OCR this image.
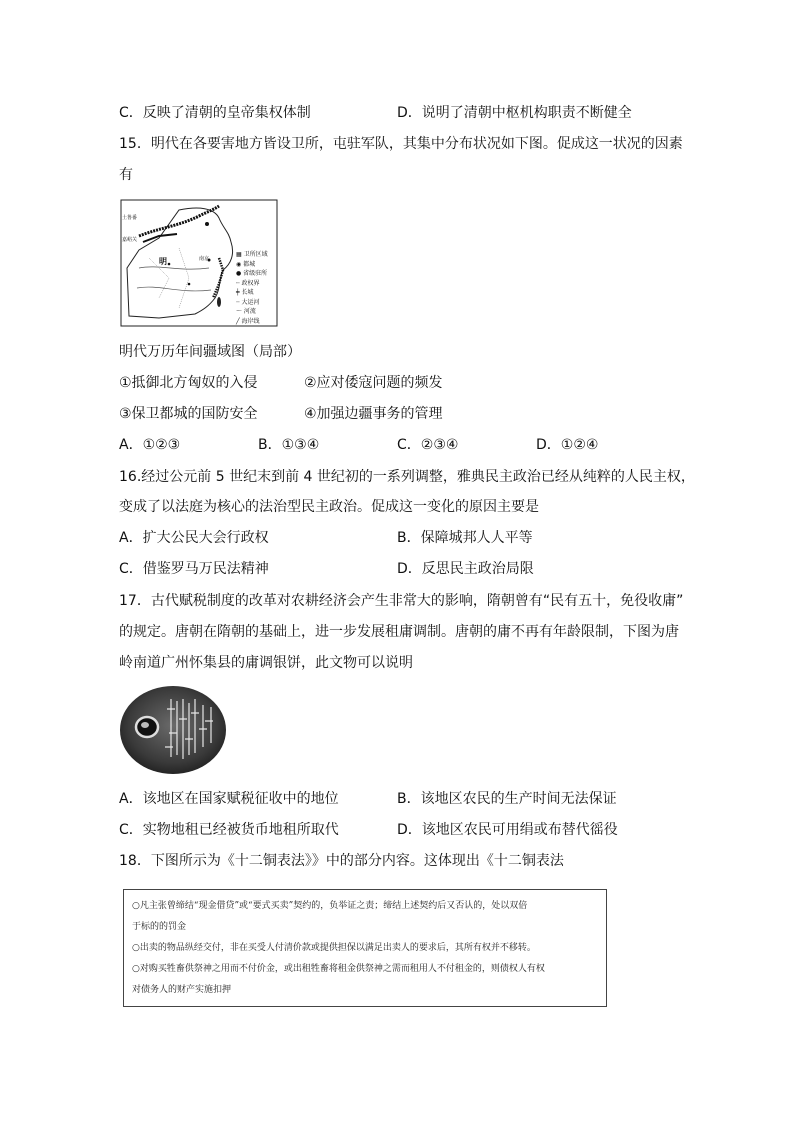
C．反映了清朝的皇帝集权体制	D．说明了清朝中枢机构职责不断健全
15．明代在各要害地方皆设卫所，屯驻军队，其集中分布状况如下图。促成这一状况的因素
有
土鲁番
嘉峪关
明	南京
▦ 卫所区域
◉ 都城
● 省级驻所
┄ 政权界
╪ 长城
┈ 大运河
～ 河流
╱ 海岸线
明代万历年间疆域图（局部）
①抵御北方匈奴的入侵	②应对倭寇问题的频发
③保卫都城的国防安全	④加强边疆事务的管理
A．①②③	B．①③④	C．②③④	D．①②④
16.经过公元前 5 世纪末到前 4 世纪初的一系列调整，雅典民主政治已经从纯粹的人民主权，
变成了以法庭为核心的法治型民主政治。促成这一变化的原因主要是
A．扩大公民大会行政权	B．保障城邦人人平等
C．借鉴罗马万民法精神	D．反思民主政治局限
17．古代赋税制度的改革对农耕经济会产生非常大的影响，隋朝曾有“民有五十，免役收庸”
的规定。唐朝在隋朝的基础上，进一步发展租庸调制。唐朝的庸不再有年龄限制，下图为唐
岭南道广州怀集县的庸调银饼，此文物可以说明
A．该地区在国家赋税征收中的地位	B．该地区农民的生产时间无法保证
C．实物地租已经被货币地租所取代	D．该地区农民可用绢或布替代徭役
18．下图所示为《十二铜表法》》中的部分内容。这体现出《十二铜表法
○凡主张曾缔结“现金借贷”或“要式买卖”契约的，负举证之责；缔结上述契约后又否认的，处以双倍
于标的的罚金
○出卖的物品纵经交付，非在买受人付清价款或提供担保以满足出卖人的要求后，其所有权并不移转。
○对购买牲畜供祭神之用而不付价金，或出租牲畜将租金供祭神之需而租用人不付租金的，则债权人有权
对债务人的财产实施扣押
